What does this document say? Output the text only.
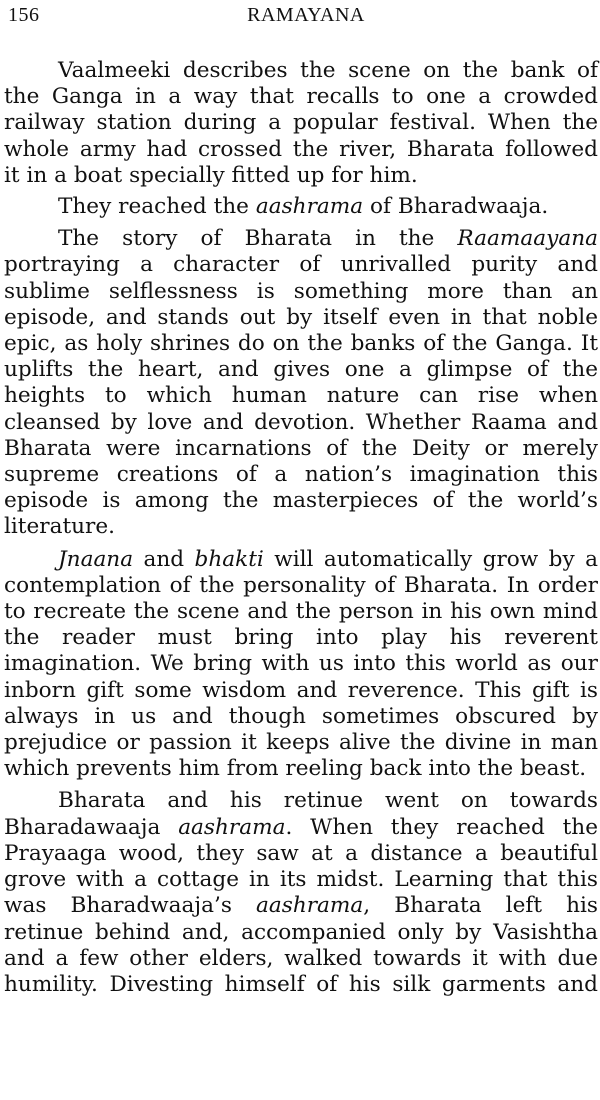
156	RAMAYANA

Vaalmeeki describes the scene on the bank of
the Ganga in a way that recalls to one a crowded
railway station during a popular festival. When the
whole army had crossed the river, Bharata followed
it in a boat specially fitted up for him.

They reached the aashrama of Bharadwaaja.

The story of Bharata in the Raamaayana
portraying a character of unrivalled purity and
sublime selflessness is something more than an
episode, and stands out by itself even in that noble
epic, as holy shrines do on the banks of the Ganga. It
uplifts the heart, and gives one a glimpse of the
heights to which human nature can rise when
cleansed by love and devotion. Whether Raama and
Bharata were incarnations of the Deity or merely
supreme creations of a nation’s imagination this
episode is among the masterpieces of the world’s
literature.

Jnaana and bhakti will automatically grow by a
contemplation of the personality of Bharata. In order
to recreate the scene and the person in his own mind
the reader must bring into play his reverent
imagination. We bring with us into this world as our
inborn gift some wisdom and reverence. This gift is
always in us and though sometimes obscured by
prejudice or passion it keeps alive the divine in man
which prevents him from reeling back into the beast.

Bharata and his retinue went on towards
Bharadawaaja aashrama. When they reached the
Prayaaga wood, they saw at a distance a beautiful
grove with a cottage in its midst. Learning that this
was Bharadwaaja’s aashrama, Bharata left his
retinue behind and, accompanied only by Vasishtha
and a few other elders, walked towards it with due
humility. Divesting himself of his silk garments and
